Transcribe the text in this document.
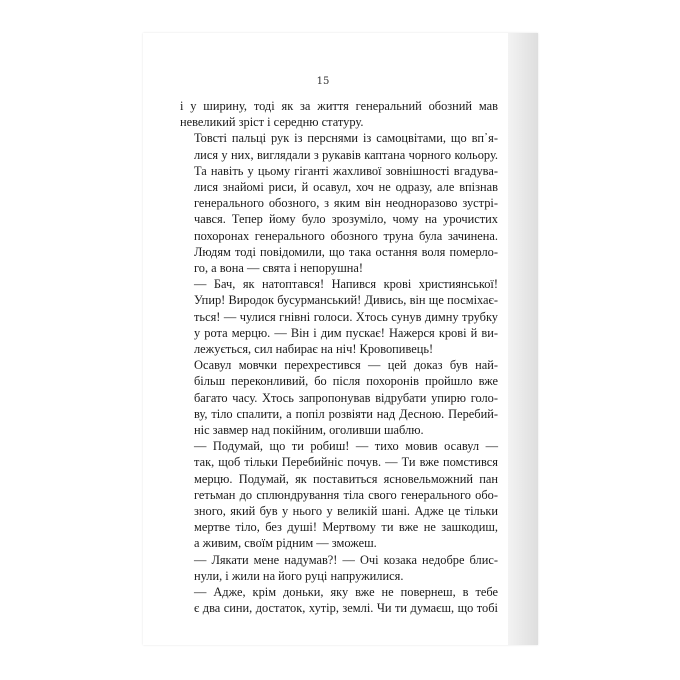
15

і у ширину, тоді як за життя генеральний обозний мав
невеликий зріст і середню статуру.

Товсті пальці рук із перснями із самоцвітами, що вп᾽я-
лися у них, виглядали з рукавів каптана чорного кольору.
Та навіть у цьому гіганті жахливої зовнішності вгадува-
лися знайомі риси, й осавул, хоч не одразу, але впізнав
генерального обозного, з яким він неодноразово зустрі-
чався. Тепер йому було зрозуміло, чому на урочистих
похоронах генерального обозного труна була зачинена.
Людям тоді повідомили, що така остання воля померло-
го, а вона — свята і непорушна!

— Бач, як натоптався! Напився крові християнської!
Упир! Виродок бусурманський! Дивись, він ще посміхає-
ться! — чулися гнівні голоси. Хтось сунув димну трубку
у рота мерцю. — Він і дим пускає! Нажерся крові й ви-
лежується, сил набирає на ніч! Кровопивець!

Осавул мовчки перехрестився — цей доказ був най-
більш переконливий, бо після похоронів пройшло вже
багато часу. Хтось запропонував відрубати упирю голо-
ву, тіло спалити, а попіл розвіяти над Десною. Перебий-
ніс завмер над покійним, оголивши шаблю.

— Подумай, що ти робиш! — тихо мовив осавул —
так, щоб тільки Перебийніс почув. — Ти вже помстився
мерцю. Подумай, як поставиться ясновельможний пан
гетьман до сплюндрування тіла свого генерального обо-
зного, який був у нього у великій шані. Адже це тільки
мертве тіло, без душі! Мертвому ти вже не зашкодиш,
а живим, своїм рідним — зможеш.

— Лякати мене надумав?! — Очі козака недобре блис-
нули, і жили на його руці напружилися.

— Адже, крім доньки, яку вже не повернеш, в тебе
є два сини, достаток, хутір, землі. Чи ти думаєш, що тобі
